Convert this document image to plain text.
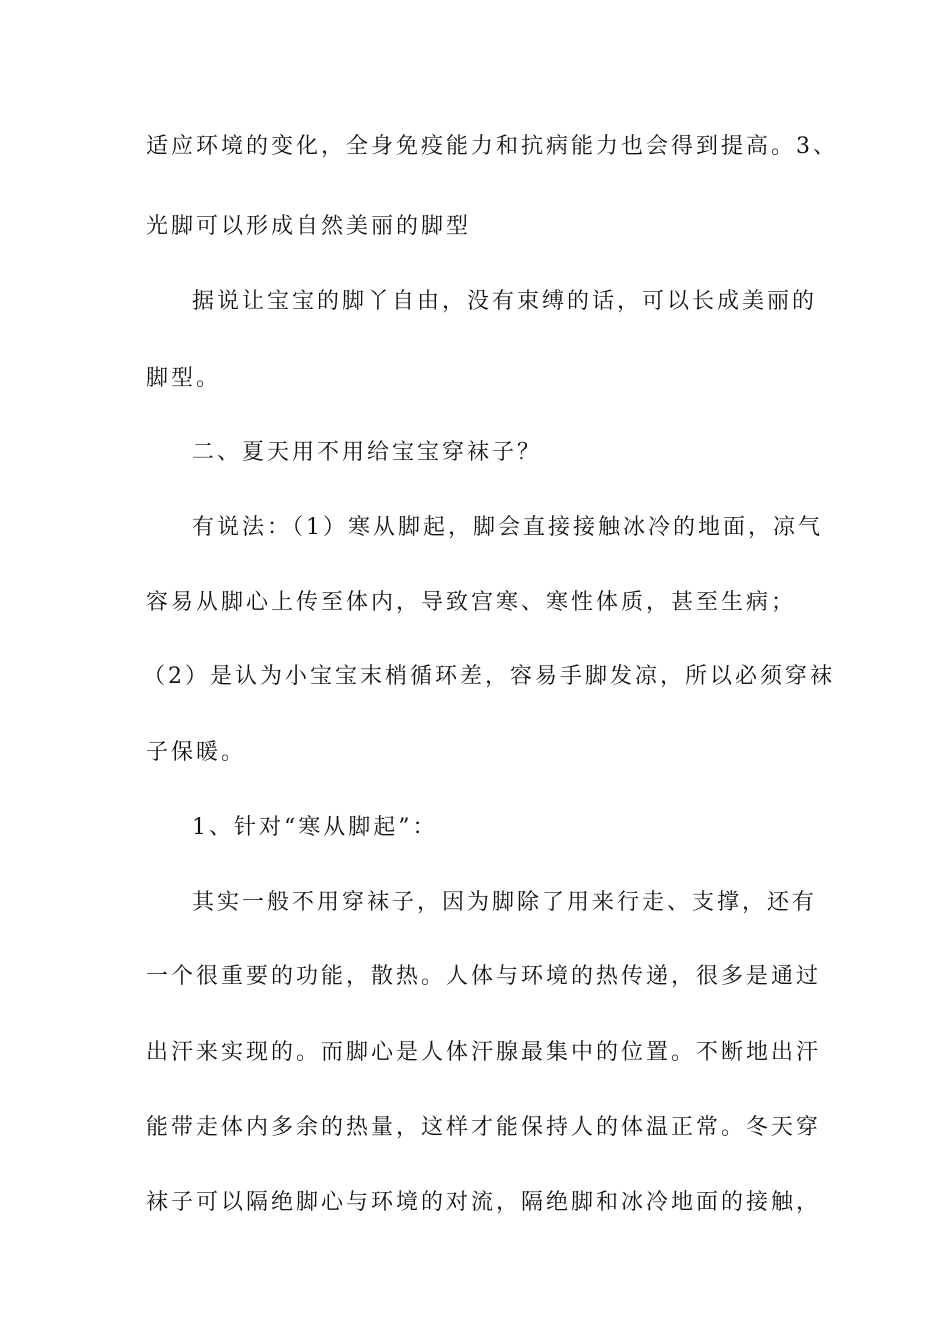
适应环境的变化，全身免疫能力和抗病能力也会得到提高。3、
光脚可以形成自然美丽的脚型
据说让宝宝的脚丫自由，没有束缚的话，可以长成美丽的
脚型。
二、夏天用不用给宝宝穿袜子？
有说法：（1）寒从脚起，脚会直接接触冰冷的地面，凉气
容易从脚心上传至体内，导致宫寒、寒性体质，甚至生病；
（2）是认为小宝宝末梢循环差，容易手脚发凉，所以必须穿袜
子保暖。
1、针对“寒从脚起”：
其实一般不用穿袜子，因为脚除了用来行走、支撑，还有
一个很重要的功能，散热。人体与环境的热传递，很多是通过
出汗来实现的。而脚心是人体汗腺最集中的位置。不断地出汗
能带走体内多余的热量，这样才能保持人的体温正常。冬天穿
袜子可以隔绝脚心与环境的对流，隔绝脚和冰冷地面的接触，
